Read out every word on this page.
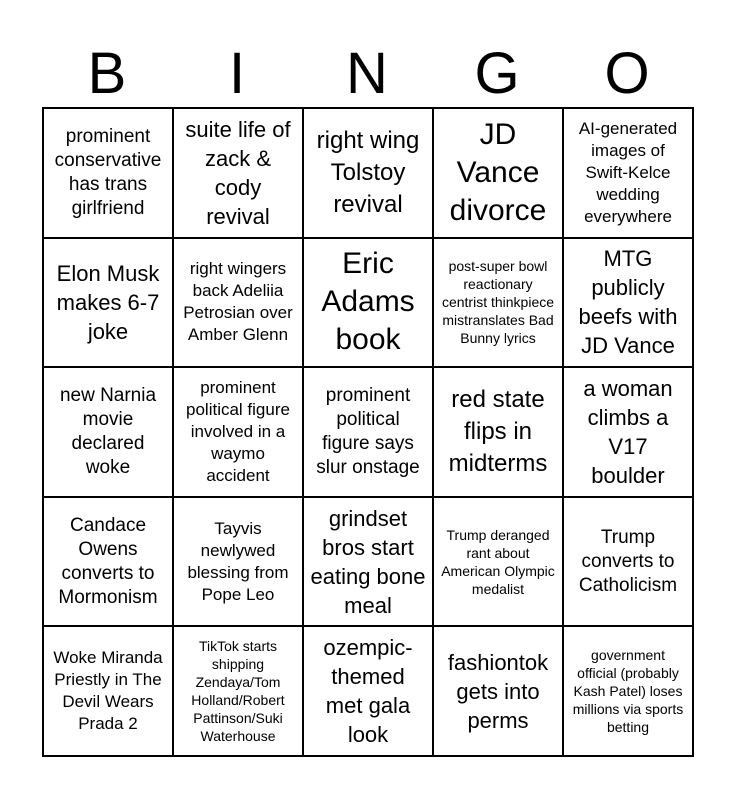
B	I	N	G	O
prominent conservative has trans girlfriend
suite life of zack & cody revival
right wing Tolstoy revival
JD Vance divorce
AI-generated images of Swift-Kelce wedding everywhere
Elon Musk makes 6-7 joke
right wingers back Adeliia Petrosian over Amber Glenn
Eric Adams book
post-super bowl reactionary centrist thinkpiece mistranslates Bad Bunny lyrics
MTG publicly beefs with JD Vance
new Narnia movie declared woke
prominent political figure involved in a waymo accident
prominent political figure says slur onstage
red state flips in midterms
a woman climbs a V17 boulder
Candace Owens converts to Mormonism
Tayvis newlywed blessing from Pope Leo
grindset bros start eating bone meal
Trump deranged rant about American Olympic medalist
Trump converts to Catholicism
Woke Miranda Priestly in The Devil Wears Prada 2
TikTok starts shipping Zendaya/Tom Holland/Robert Pattinson/Suki Waterhouse
ozempic-themed met gala look
fashiontok gets into perms
government official (probably Kash Patel) loses millions via sports betting
